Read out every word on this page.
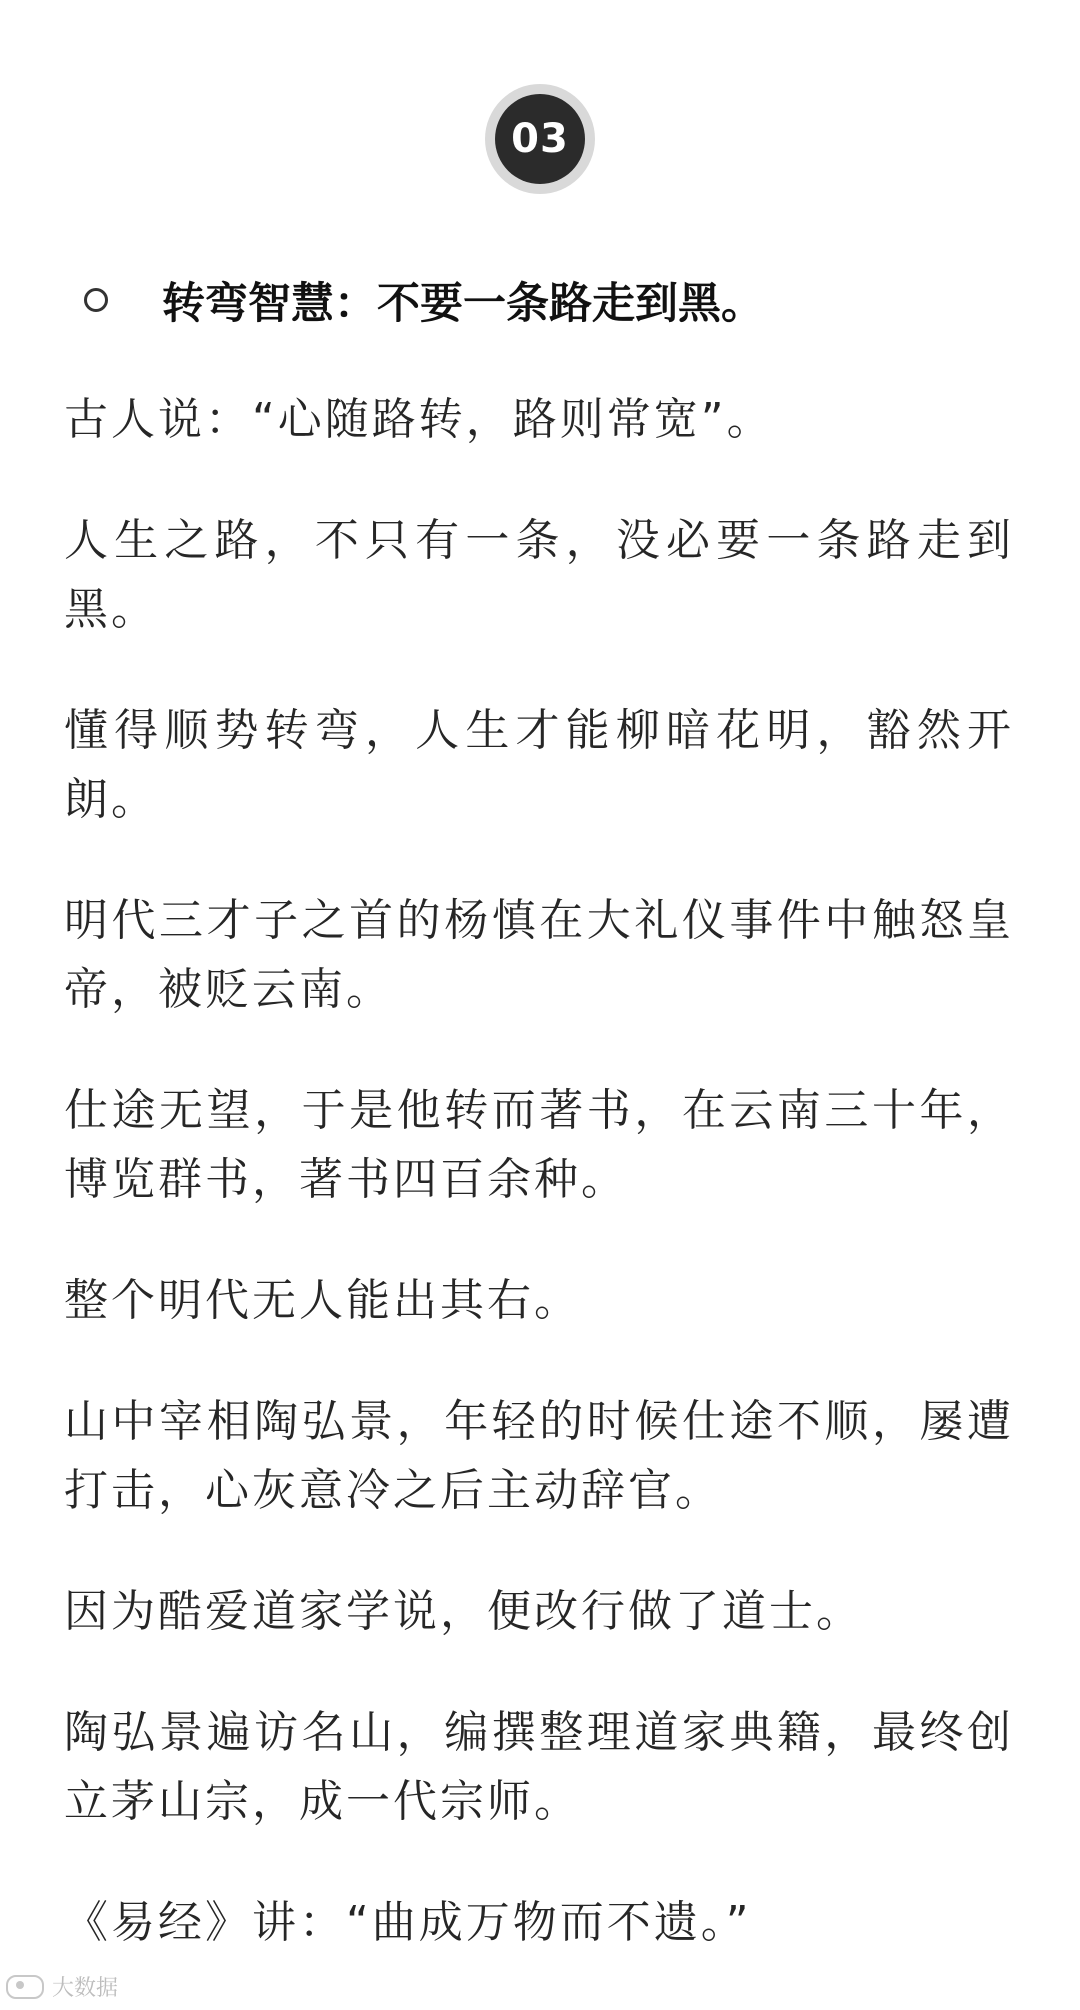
03
转弯智慧：不要一条路走到黑。

古人说：“心随路转，路则常宽”。

人生之路，不只有一条，没必要一条路走到黑。

懂得顺势转弯，人生才能柳暗花明，豁然开朗。

明代三才子之首的杨慎在大礼仪事件中触怒皇帝，被贬云南。

仕途无望，于是他转而著书，在云南三十年，博览群书，著书四百余种。

整个明代无人能出其右。

山中宰相陶弘景，年轻的时候仕途不顺，屡遭打击，心灰意冷之后主动辞官。

因为酷爱道家学说，便改行做了道士。

陶弘景遍访名山，编撰整理道家典籍，最终创立茅山宗，成一代宗师。

《易经》讲：“曲成万物而不遗。”

大数据
